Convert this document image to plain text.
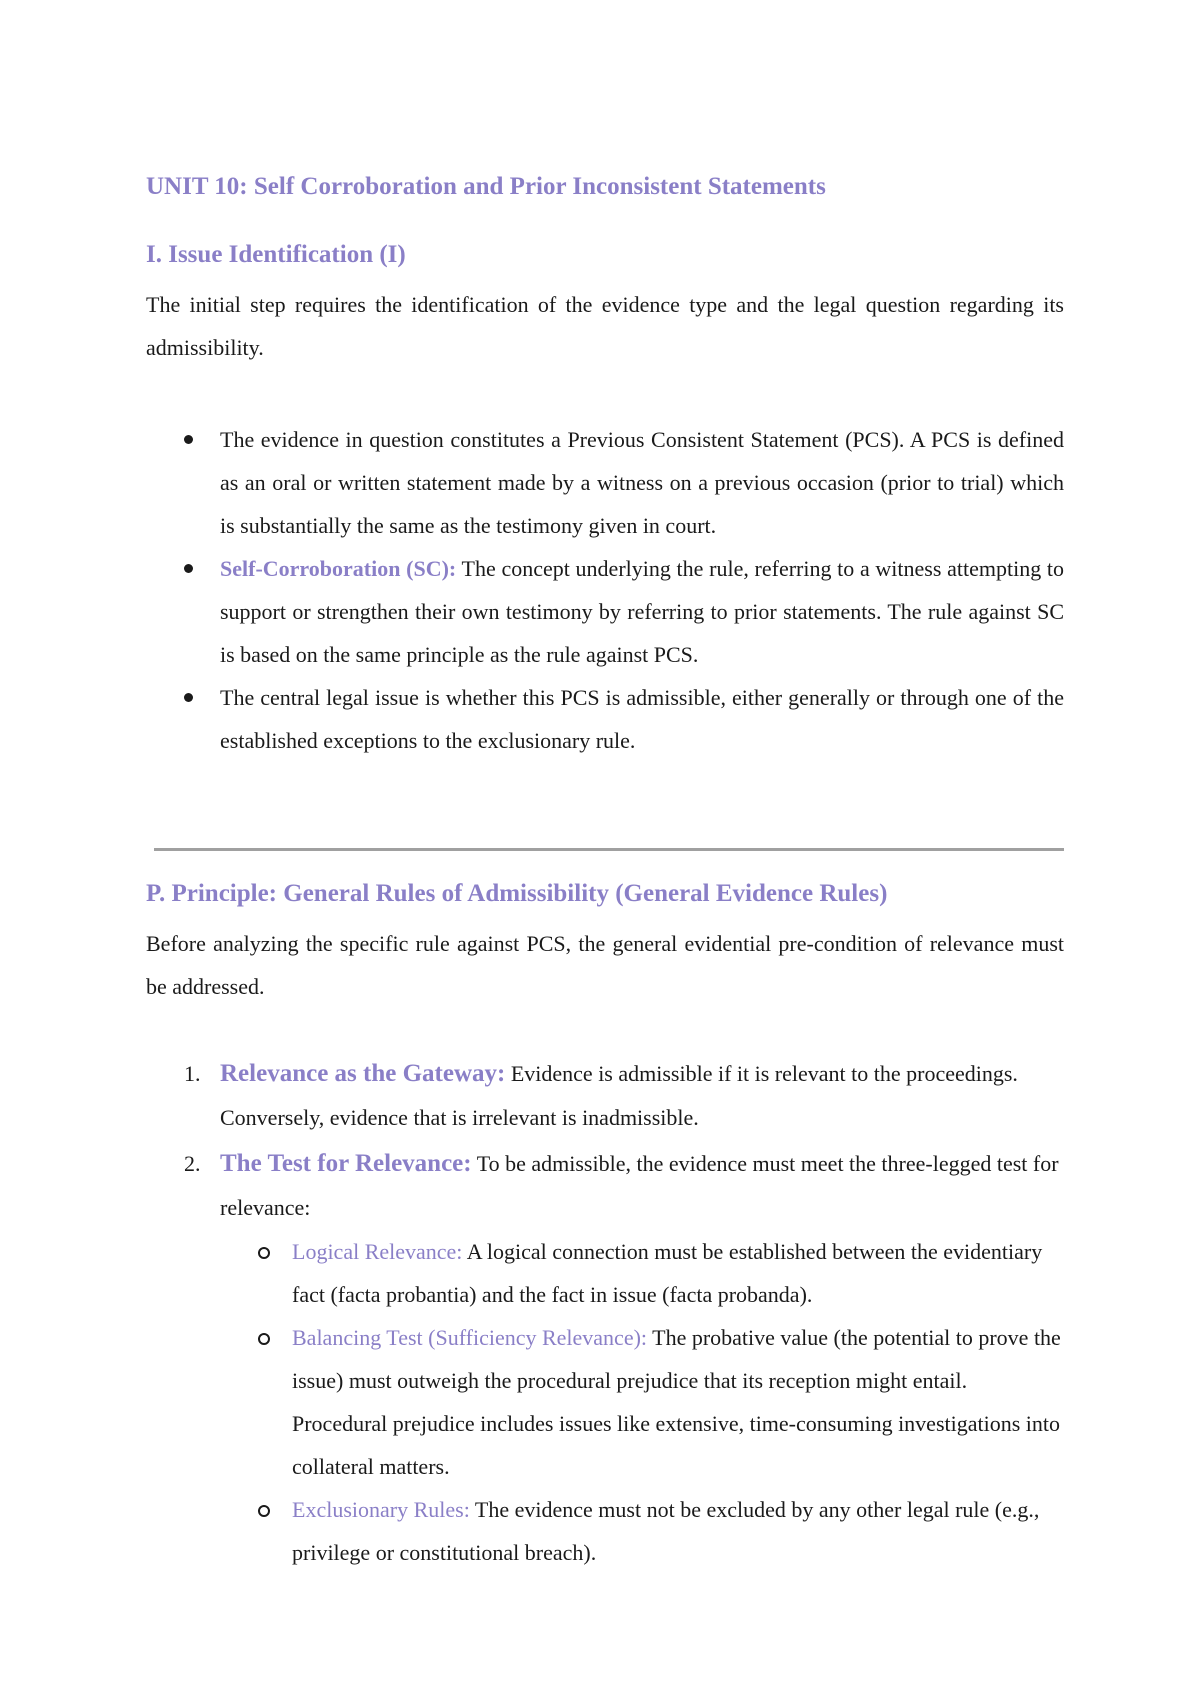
UNIT 10: Self Corroboration and Prior Inconsistent Statements
I. Issue Identification (I)

The initial step requires the identification of the evidence type and the legal question regarding its admissibility.

The evidence in question constitutes a Previous Consistent Statement (PCS). A PCS is defined as an oral or written statement made by a witness on a previous occasion (prior to trial) which is substantially the same as the testimony given in court.
Self-Corroboration (SC): The concept underlying the rule, referring to a witness attempting to support or strengthen their own testimony by referring to prior statements. The rule against SC is based on the same principle as the rule against PCS.
The central legal issue is whether this PCS is admissible, either generally or through one of the established exceptions to the exclusionary rule.
P. Principle: General Rules of Admissibility (General Evidence Rules)

Before analyzing the specific rule against PCS, the general evidential pre-condition of relevance must be addressed.

1. Relevance as the Gateway: Evidence is admissible if it is relevant to the proceedings. Conversely, evidence that is irrelevant is inadmissible.
2. The Test for Relevance: To be admissible, the evidence must meet the three-legged test for relevance:
Logical Relevance: A logical connection must be established between the evidentiary fact (facta probantia) and the fact in issue (facta probanda).
Balancing Test (Sufficiency Relevance): The probative value (the potential to prove the issue) must outweigh the procedural prejudice that its reception might entail. Procedural prejudice includes issues like extensive, time-consuming investigations into collateral matters.
Exclusionary Rules: The evidence must not be excluded by any other legal rule (e.g., privilege or constitutional breach).
